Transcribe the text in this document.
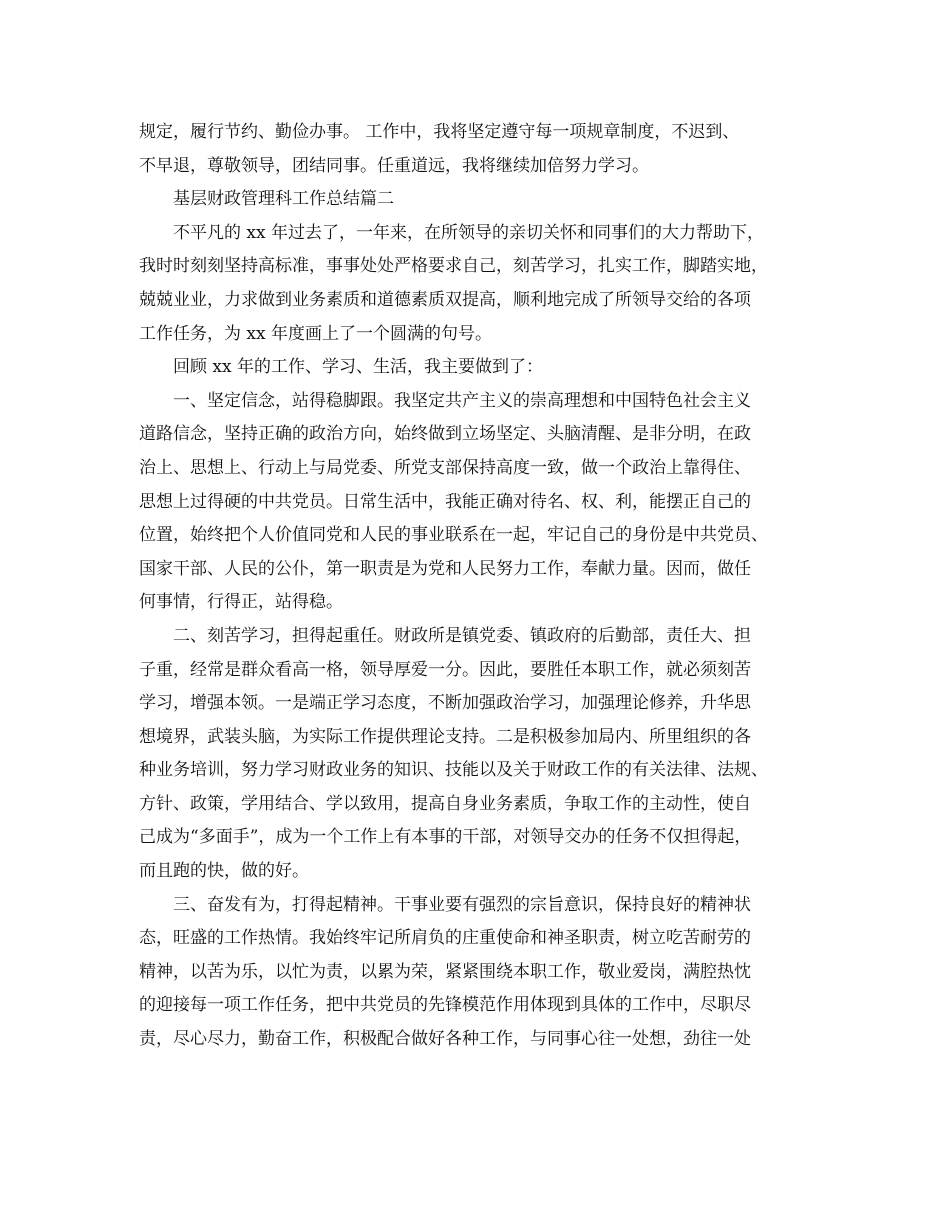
规定，履行节约、勤俭办事。 工作中，我将坚定遵守每一项规章制度，不迟到、
不早退，尊敬领导，团结同事。任重道远，我将继续加倍努力学习。
基层财政管理科工作总结篇二
不平凡的 xx 年过去了，一年来，在所领导的亲切关怀和同事们的大力帮助下，
我时时刻刻坚持高标准，事事处处严格要求自己，刻苦学习，扎实工作，脚踏实地，
兢兢业业，力求做到业务素质和道德素质双提高，顺利地完成了所领导交给的各项
工作任务，为 xx 年度画上了一个圆满的句号。
回顾 xx 年的工作、学习、生活，我主要做到了：
一、坚定信念，站得稳脚跟。我坚定共产主义的崇高理想和中国特色社会主义
道路信念，坚持正确的政治方向，始终做到立场坚定、头脑清醒、是非分明，在政
治上、思想上、行动上与局党委、所党支部保持高度一致，做一个政治上靠得住、
思想上过得硬的中共党员。日常生活中，我能正确对待名、权、利，能摆正自己的
位置，始终把个人价值同党和人民的事业联系在一起，牢记自己的身份是中共党员、
国家干部、人民的公仆，第一职责是为党和人民努力工作，奉献力量。因而，做任
何事情，行得正，站得稳。
二、刻苦学习，担得起重任。财政所是镇党委、镇政府的后勤部，责任大、担
子重，经常是群众看高一格，领导厚爱一分。因此，要胜任本职工作，就必须刻苦
学习，增强本领。一是端正学习态度，不断加强政治学习，加强理论修养，升华思
想境界，武装头脑，为实际工作提供理论支持。二是积极参加局内、所里组织的各
种业务培训，努力学习财政业务的知识、技能以及关于财政工作的有关法律、法规、
方针、政策，学用结合、学以致用，提高自身业务素质，争取工作的主动性，使自
己成为“多面手”，成为一个工作上有本事的干部，对领导交办的任务不仅担得起，
而且跑的快，做的好。
三、奋发有为，打得起精神。干事业要有强烈的宗旨意识，保持良好的精神状
态，旺盛的工作热情。我始终牢记所肩负的庄重使命和神圣职责，树立吃苦耐劳的
精神，以苦为乐，以忙为责，以累为荣，紧紧围绕本职工作，敬业爱岗，满腔热忱
的迎接每一项工作任务，把中共党员的先锋模范作用体现到具体的工作中，尽职尽
责，尽心尽力，勤奋工作，积极配合做好各种工作，与同事心往一处想，劲往一处
